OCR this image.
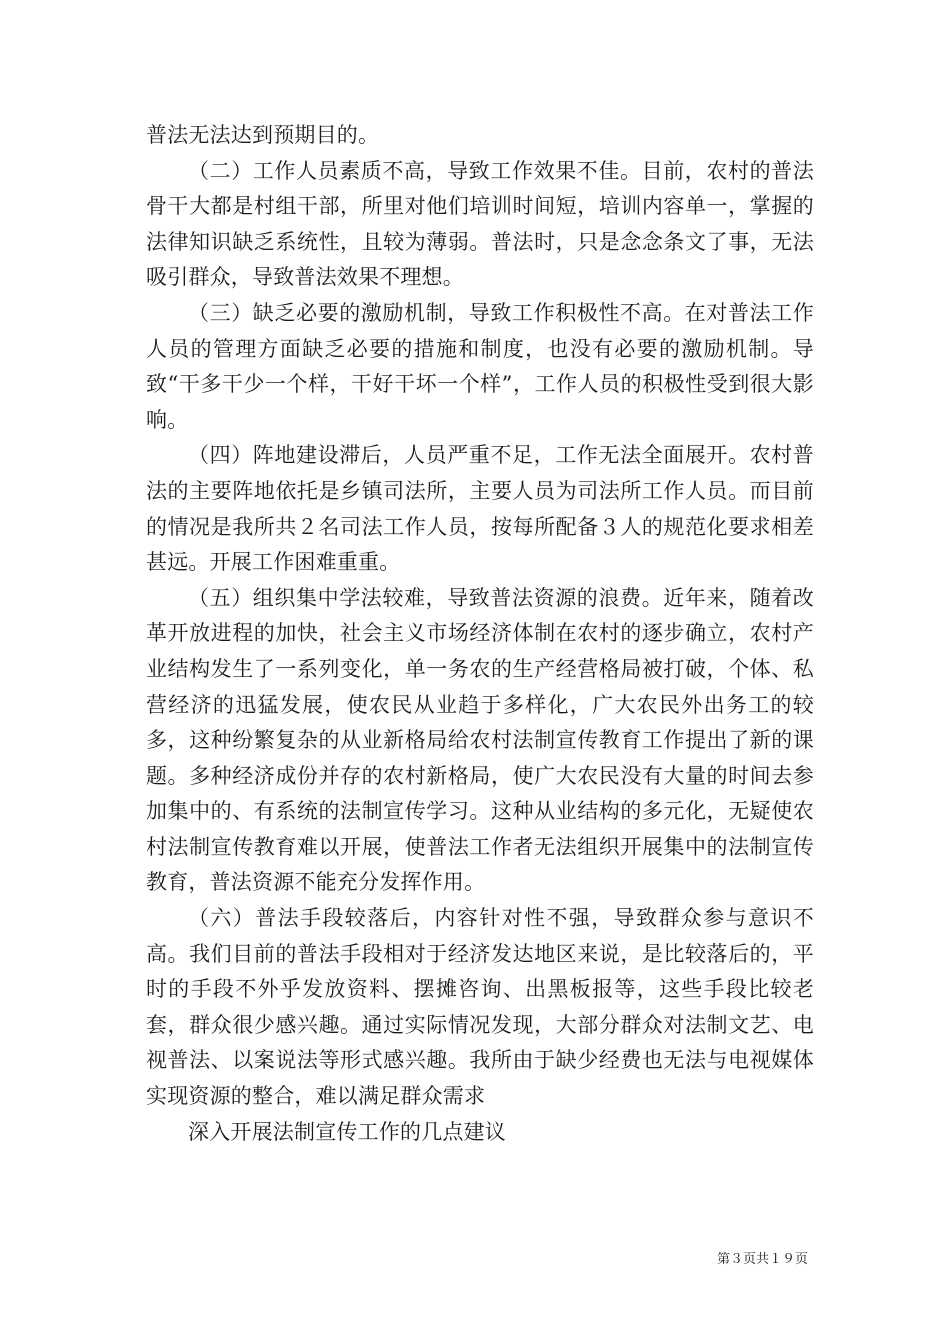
普法无法达到预期目的。

（二）工作人员素质不高，导致工作效果不佳。目前，农村的普法骨干大都是村组干部，所里对他们培训时间短，培训内容单一，掌握的法律知识缺乏系统性，且较为薄弱。普法时，只是念念条文了事，无法吸引群众，导致普法效果不理想。

（三）缺乏必要的激励机制，导致工作积极性不高。在对普法工作人员的管理方面缺乏必要的措施和制度，也没有必要的激励机制。导致“干多干少一个样，干好干坏一个样”，工作人员的积极性受到很大影响。

（四）阵地建设滞后，人员严重不足，工作无法全面展开。农村普法的主要阵地依托是乡镇司法所，主要人员为司法所工作人员。而目前的情况是我所共２名司法工作人员，按每所配备３人的规范化要求相差甚远。开展工作困难重重。

（五）组织集中学法较难，导致普法资源的浪费。近年来，随着改革开放进程的加快，社会主义市场经济体制在农村的逐步确立，农村产业结构发生了一系列变化，单一务农的生产经营格局被打破，个体、私营经济的迅猛发展，使农民从业趋于多样化，广大农民外出务工的较多，这种纷繁复杂的从业新格局给农村法制宣传教育工作提出了新的课题。多种经济成份并存的农村新格局，使广大农民没有大量的时间去参加集中的、有系统的法制宣传学习。这种从业结构的多元化，无疑使农村法制宣传教育难以开展，使普法工作者无法组织开展集中的法制宣传教育，普法资源不能充分发挥作用。

（六）普法手段较落后，内容针对性不强，导致群众参与意识不高。我们目前的普法手段相对于经济发达地区来说，是比较落后的，平时的手段不外乎发放资料、摆摊咨询、出黑板报等，这些手段比较老套，群众很少感兴趣。通过实际情况发现，大部分群众对法制文艺、电视普法、以案说法等形式感兴趣。我所由于缺少经费也无法与电视媒体实现资源的整合，难以满足群众需求

深入开展法制宣传工作的几点建议

第３页共１９页
